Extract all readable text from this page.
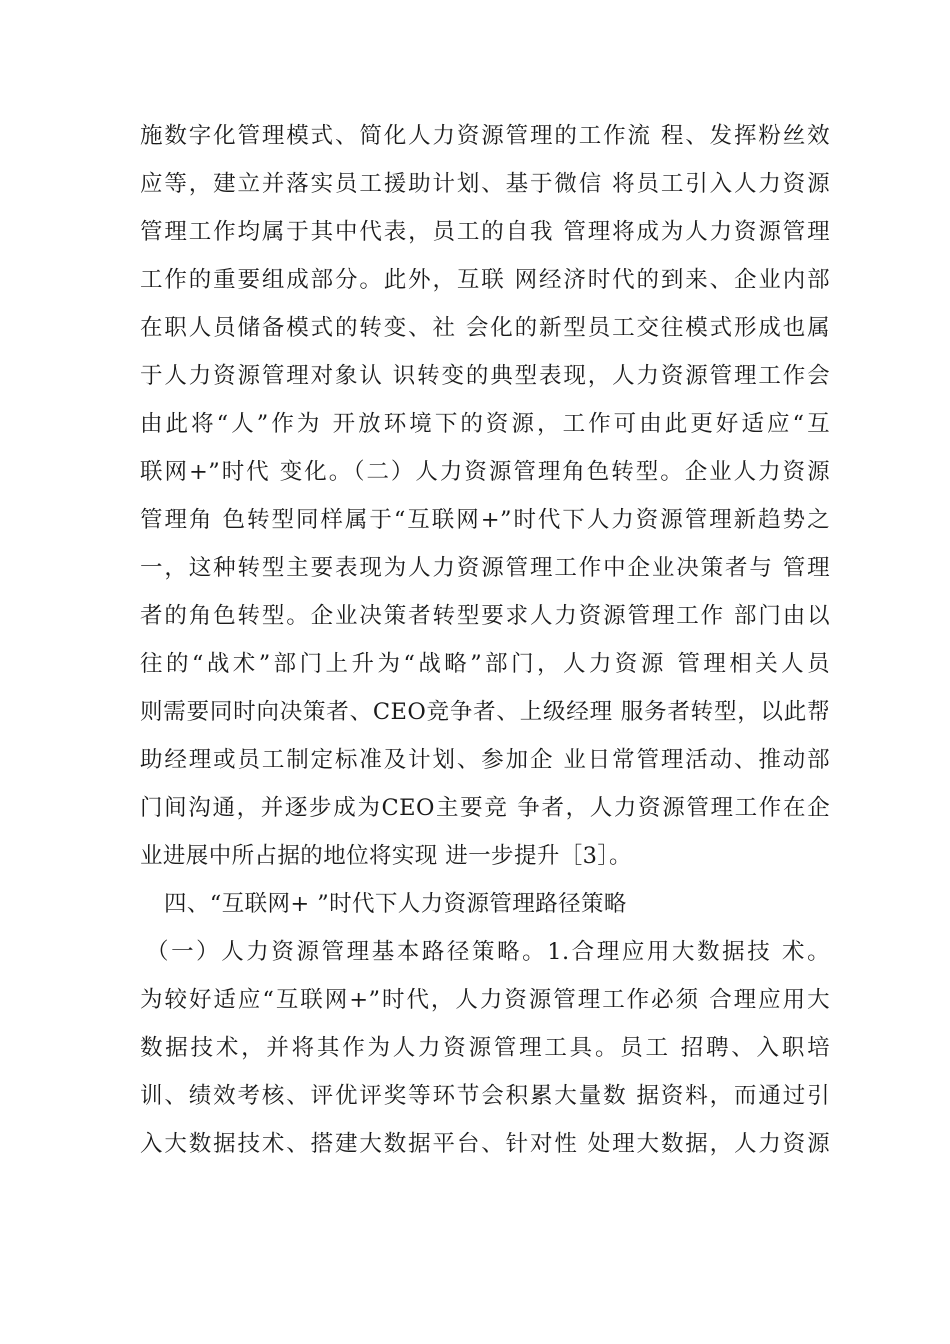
施数字化管理模式、简化人力资源管理的工作流 程、发挥粉丝效
应等，建立并落实员工援助计划、基于微信 将员工引入人力资源
管理工作均属于其中代表，员工的自我 管理将成为人力资源管理
工作的重要组成部分。此外，互联 网经济时代的到来、企业内部
在职人员储备模式的转变、社 会化的新型员工交往模式形成也属
于人力资源管理对象认 识转变的典型表现，人力资源管理工作会
由此将“人”作为 开放环境下的资源，工作可由此更好适应“互
联网+”时代 变化。（二）人力资源管理角色转型。企业人力资源
管理角 色转型同样属于“互联网+”时代下人力资源管理新趋势之
一，这种转型主要表现为人力资源管理工作中企业决策者与 管理
者的角色转型。企业决策者转型要求人力资源管理工作 部门由以
往的“战术”部门上升为“战略”部门，人力资源 管理相关人员
则需要同时向决策者、CEO竞争者、上级经理 服务者转型，以此帮
助经理或员工制定标准及计划、参加企 业日常管理活动、推动部
门间沟通，并逐步成为CEO主要竞 争者，人力资源管理工作在企
业进展中所占据的地位将实现 进一步提升［3］。
四、“互联网+ ”时代下人力资源管理路径策略
（一）人力资源管理基本路径策略。1.合理应用大数据技 术。
为较好适应“互联网+”时代，人力资源管理工作必须 合理应用大
数据技术，并将其作为人力资源管理工具。员工 招聘、入职培
训、绩效考核、评优评奖等环节会积累大量数 据资料，而通过引
入大数据技术、搭建大数据平台、针对性 处理大数据，人力资源
